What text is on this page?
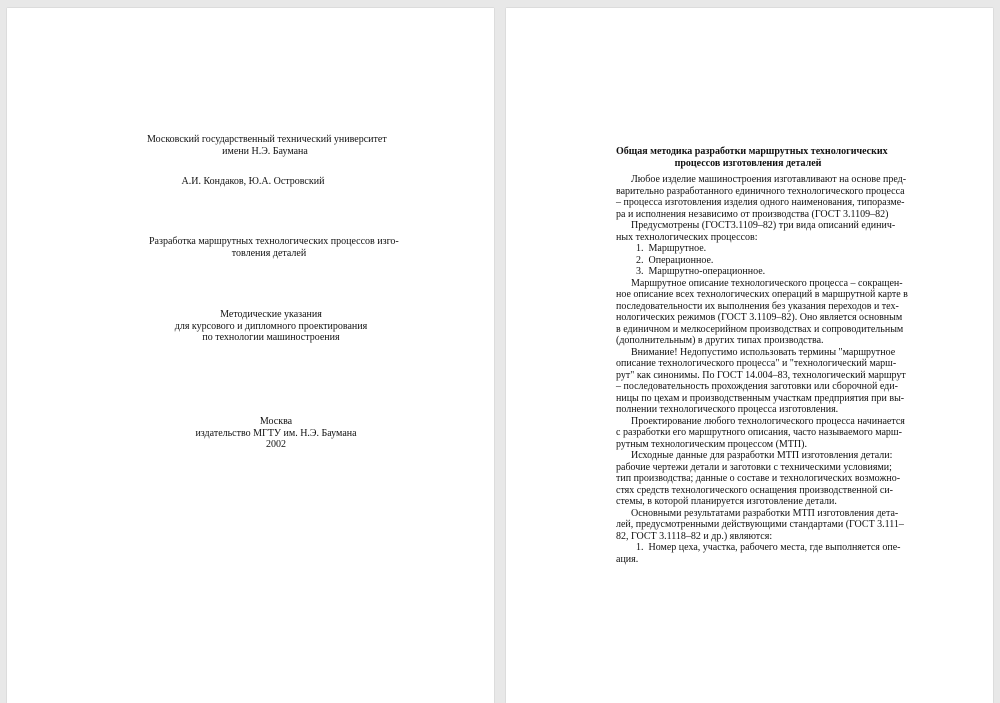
Московский государственный технический университет
имени Н.Э. Баумана
А.И. Кондаков, Ю.А. Островский
Разработка маршрутных технологических процессов изго-
товления деталей
Методические указания
для курсового и дипломного проектирования
по технологии машиностроения
Москва
издательство МГТУ им. Н.Э. Баумана
2002
Общая методика разработки маршрутных технологических
процессов изготовления деталей
Любое изделие машиностроения изготавливают на основе пред-
варительно разработанного единичного технологического процесса
– процесса изготовления изделия одного наименования, типоразме-
ра и исполнения независимо от производства (ГОСТ 3.1109–82)
Предусмотрены (ГОСТ3.1109–82) три вида описаний единич-
ных технологических процессов:
1.  Маршрутное.
2.  Операционное.
3.  Маршрутно-операционное.
Маршрутное описание технологического процесса – сокращен-
ное описание всех технологических операций в маршрутной карте в
последовательности их выполнения без указания переходов и тех-
нологических режимов (ГОСТ 3.1109–82). Оно является основным
в единичном и мелкосерийном производствах и сопроводительным
(дополнительным) в других типах производства.
Внимание! Недопустимо использовать термины "маршрутное
описание технологического процесса" и "технологический марш-
рут" как синонимы. По ГОСТ 14.004–83, технологический маршрут
– последовательность прохождения заготовки или сборочной еди-
ницы по цехам и производственным участкам предприятия при вы-
полнении технологического процесса изготовления.
Проектирование любого технологического процесса начинается
с разработки его маршрутного описания, часто называемого марш-
рутным технологическим процессом (МТП).
Исходные данные для разработки МТП изготовления детали:
рабочие чертежи детали и заготовки с техническими условиями;
тип производства; данные о составе и технологических возможно-
стях средств технологического оснащения производственной си-
стемы, в которой планируется изготовление детали.
Основными результатами разработки МТП изготовления дета-
лей, предусмотренными действующими стандартами (ГОСТ 3.111–
82, ГОСТ 3.1118–82 и др.) являются:
1.  Номер цеха, участка, рабочего места, где выполняется опе-
ация.
